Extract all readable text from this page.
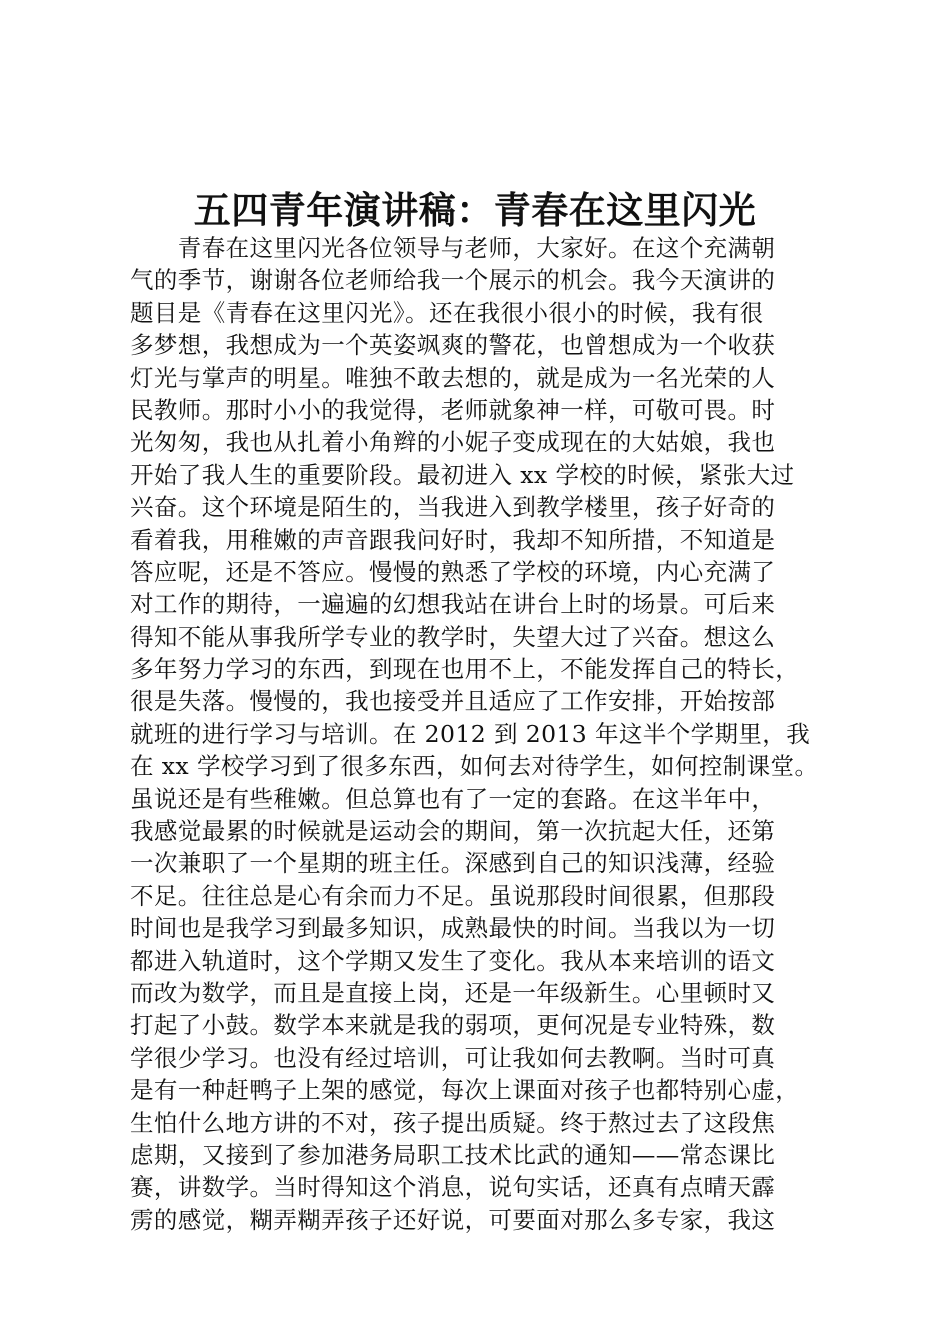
五四青年演讲稿：青春在这里闪光
　　青春在这里闪光各位领导与老师，大家好。在这个充满朝
气的季节，谢谢各位老师给我一个展示的机会。我今天演讲的
题目是《青春在这里闪光》。还在我很小很小的时候，我有很
多梦想，我想成为一个英姿飒爽的警花，也曾想成为一个收获
灯光与掌声的明星。唯独不敢去想的，就是成为一名光荣的人
民教师。那时小小的我觉得，老师就象神一样，可敬可畏。时
光匆匆，我也从扎着小角辫的小妮子变成现在的大姑娘，我也
开始了我人生的重要阶段。最初进入 xx 学校的时候，紧张大过
兴奋。这个环境是陌生的，当我进入到教学楼里，孩子好奇的
看着我，用稚嫩的声音跟我问好时，我却不知所措，不知道是
答应呢，还是不答应。慢慢的熟悉了学校的环境，内心充满了
对工作的期待，一遍遍的幻想我站在讲台上时的场景。可后来
得知不能从事我所学专业的教学时，失望大过了兴奋。想这么
多年努力学习的东西，到现在也用不上，不能发挥自己的特长，
很是失落。慢慢的，我也接受并且适应了工作安排，开始按部
就班的进行学习与培训。在 2012 到 2013 年这半个学期里，我
在 xx 学校学习到了很多东西，如何去对待学生，如何控制课堂。
虽说还是有些稚嫩。但总算也有了一定的套路。在这半年中，
我感觉最累的时候就是运动会的期间，第一次抗起大任，还第
一次兼职了一个星期的班主任。深感到自己的知识浅薄，经验
不足。往往总是心有余而力不足。虽说那段时间很累，但那段
时间也是我学习到最多知识，成熟最快的时间。当我以为一切
都进入轨道时，这个学期又发生了变化。我从本来培训的语文
而改为数学，而且是直接上岗，还是一年级新生。心里顿时又
打起了小鼓。数学本来就是我的弱项，更何况是专业特殊，数
学很少学习。也没有经过培训，可让我如何去教啊。当时可真
是有一种赶鸭子上架的感觉，每次上课面对孩子也都特别心虚，
生怕什么地方讲的不对，孩子提出质疑。终于熬过去了这段焦
虑期，又接到了参加港务局职工技术比武的通知——常态课比
赛，讲数学。当时得知这个消息，说句实话，还真有点晴天霹
雳的感觉，糊弄糊弄孩子还好说，可要面对那么多专家，我这
